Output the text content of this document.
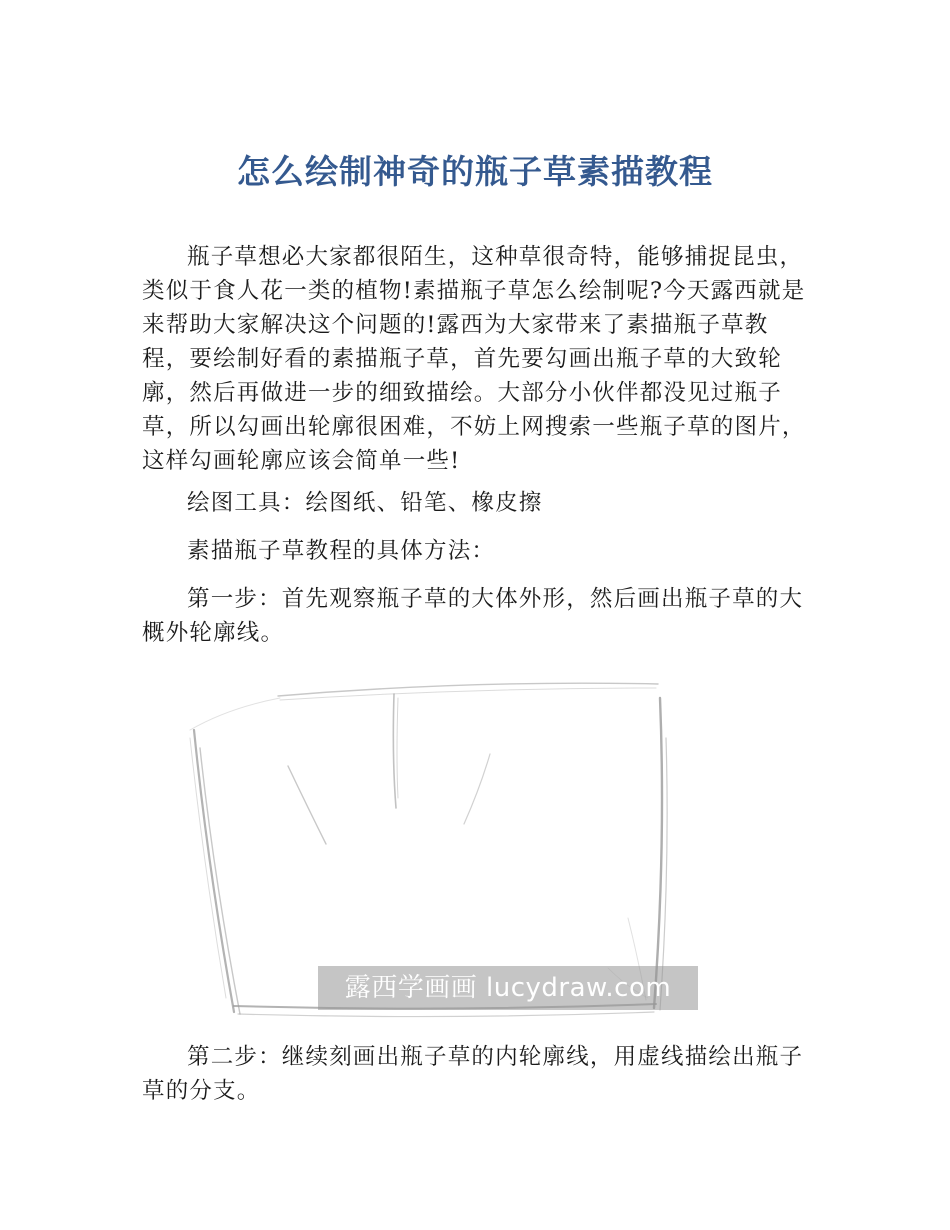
怎么绘制神奇的瓶子草素描教程

瓶子草想必大家都很陌生，这种草很奇特，能够捕捉昆虫，类似于食人花一类的植物!素描瓶子草怎么绘制呢?今天露西就是来帮助大家解决这个问题的!露西为大家带来了素描瓶子草教程，要绘制好看的素描瓶子草，首先要勾画出瓶子草的大致轮廓，然后再做进一步的细致描绘。大部分小伙伴都没见过瓶子草，所以勾画出轮廓很困难，不妨上网搜索一些瓶子草的图片，这样勾画轮廓应该会简单一些!

绘图工具：绘图纸、铅笔、橡皮擦

素描瓶子草教程的具体方法：

第一步：首先观察瓶子草的大体外形，然后画出瓶子草的大概外轮廓线。

露西学画画 lucydraw.com

第二步：继续刻画出瓶子草的内轮廓线，用虚线描绘出瓶子草的分支。
